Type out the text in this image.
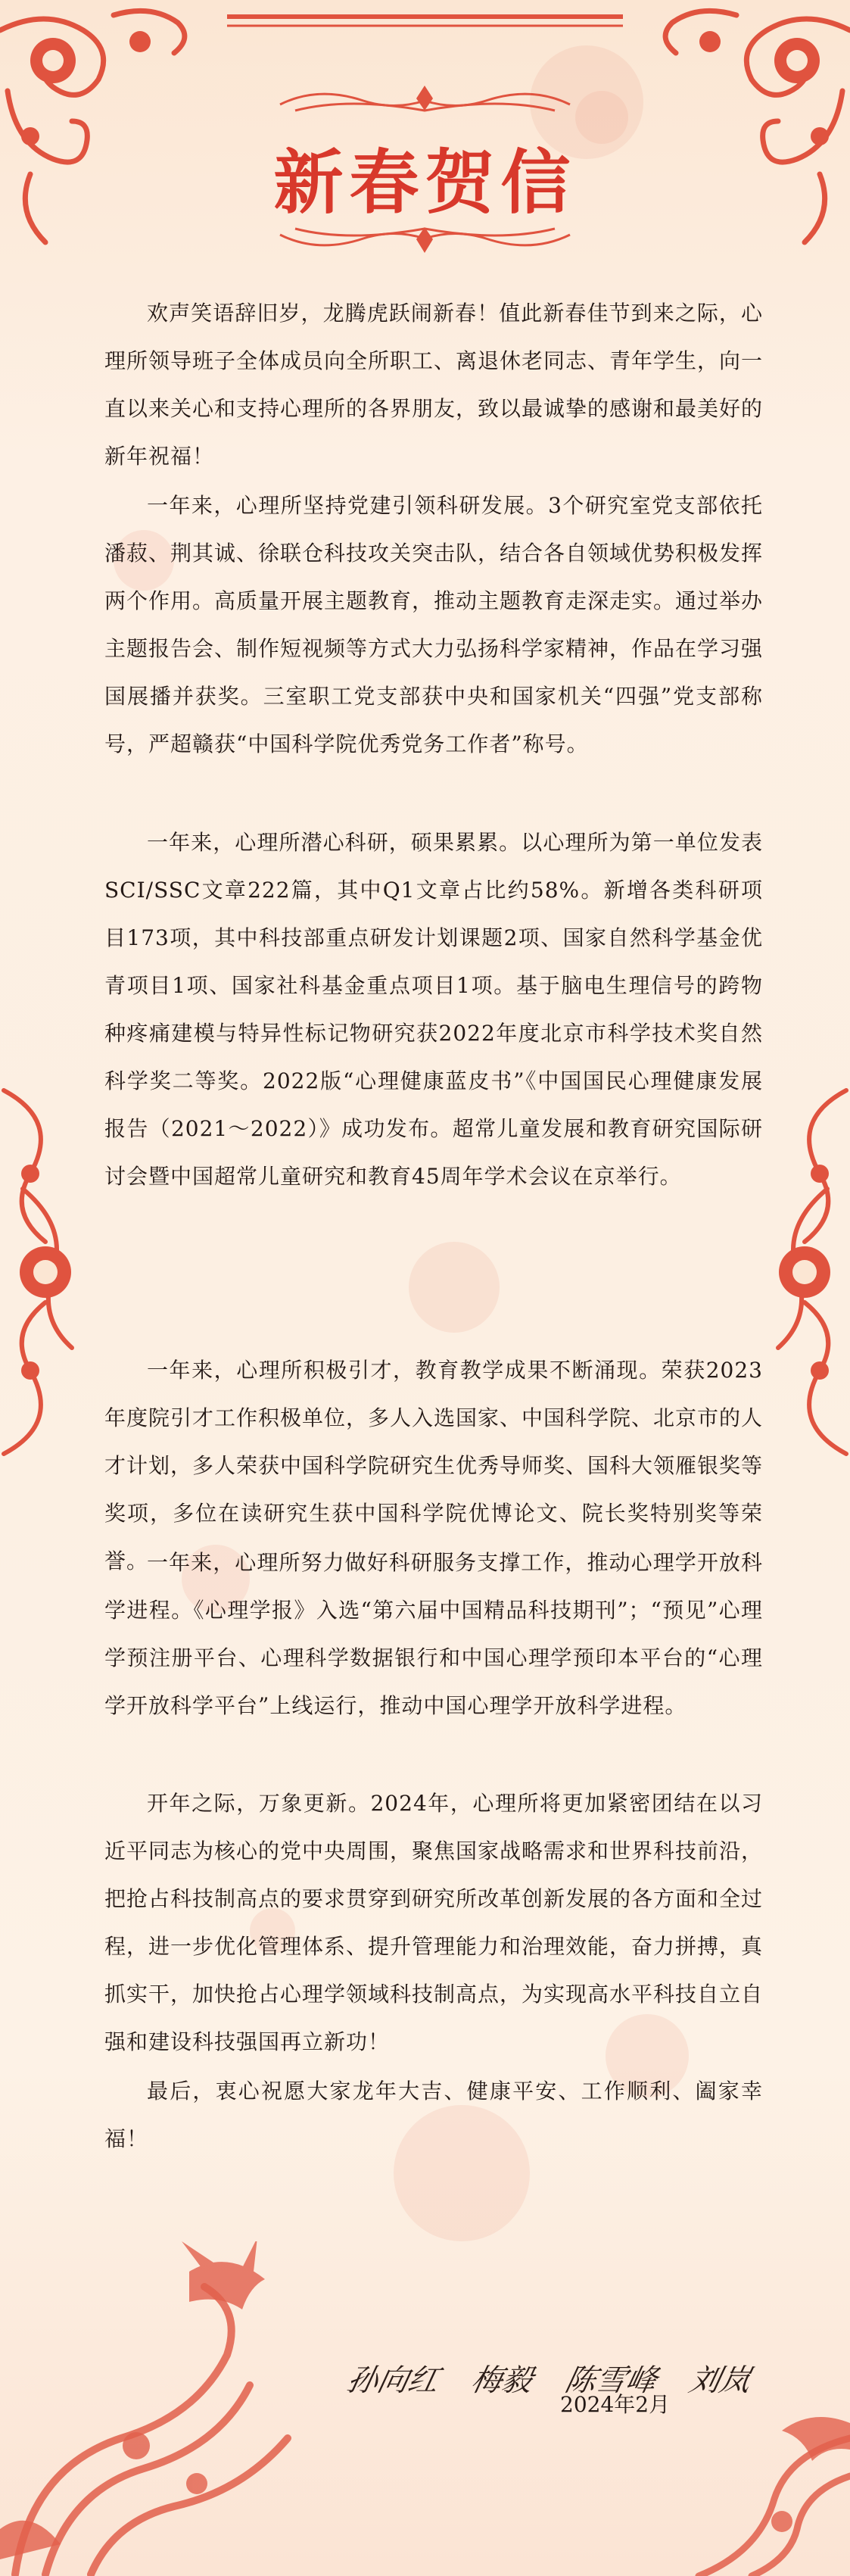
新春贺信

欢声笑语辞旧岁，龙腾虎跃闹新春！值此新春佳节到来之际，心理所领导班子全体成员向全所职工、离退休老同志、青年学生，向一直以来关心和支持心理所的各界朋友，致以最诚挚的感谢和最美好的新年祝福！

一年来，心理所坚持党建引领科研发展。3个研究室党支部依托潘菽、荆其诚、徐联仓科技攻关突击队，结合各自领域优势积极发挥两个作用。高质量开展主题教育，推动主题教育走深走实。通过举办主题报告会、制作短视频等方式大力弘扬科学家精神，作品在学习强国展播并获奖。三室职工党支部获中央和国家机关“四强”党支部称号，严超赣获“中国科学院优秀党务工作者”称号。

一年来，心理所潜心科研，硕果累累。以心理所为第一单位发表SCI/SSC文章222篇，其中Q1文章占比约58%。新增各类科研项目173项，其中科技部重点研发计划课题2项、国家自然科学基金优青项目1项、国家社科基金重点项目1项。基于脑电生理信号的跨物种疼痛建模与特异性标记物研究获2022年度北京市科学技术奖自然科学奖二等奖。2022版“心理健康蓝皮书”《中国国民心理健康发展报告（2021～2022）》成功发布。超常儿童发展和教育研究国际研讨会暨中国超常儿童研究和教育45周年学术会议在京举行。

一年来，心理所积极引才，教育教学成果不断涌现。荣获2023年度院引才工作积极单位，多人入选国家、中国科学院、北京市的人才计划，多人荣获中国科学院研究生优秀导师奖、国科大领雁银奖等奖项，多位在读研究生获中国科学院优博论文、院长奖特别奖等荣誉。

一年来，心理所努力做好科研服务支撑工作，推动心理学开放科学进程。《心理学报》入选“第六届中国精品科技期刊”；“预见”心理学预注册平台、心理科学数据银行和中国心理学预印本平台的“心理学开放科学平台”上线运行，推动中国心理学开放科学进程。

开年之际，万象更新。2024年，心理所将更加紧密团结在以习近平同志为核心的党中央周围，聚焦国家战略需求和世界科技前沿，把抢占科技制高点的要求贯穿到研究所改革创新发展的各方面和全过程，进一步优化管理体系、提升管理能力和治理效能，奋力拼搏，真抓实干，加快抢占心理学领域科技制高点，为实现高水平科技自立自强和建设科技强国再立新功！

最后，衷心祝愿大家龙年大吉、健康平安、工作顺利、阖家幸福！

孙向红 梅毅 陈雪峰 刘岚
2024年2月
